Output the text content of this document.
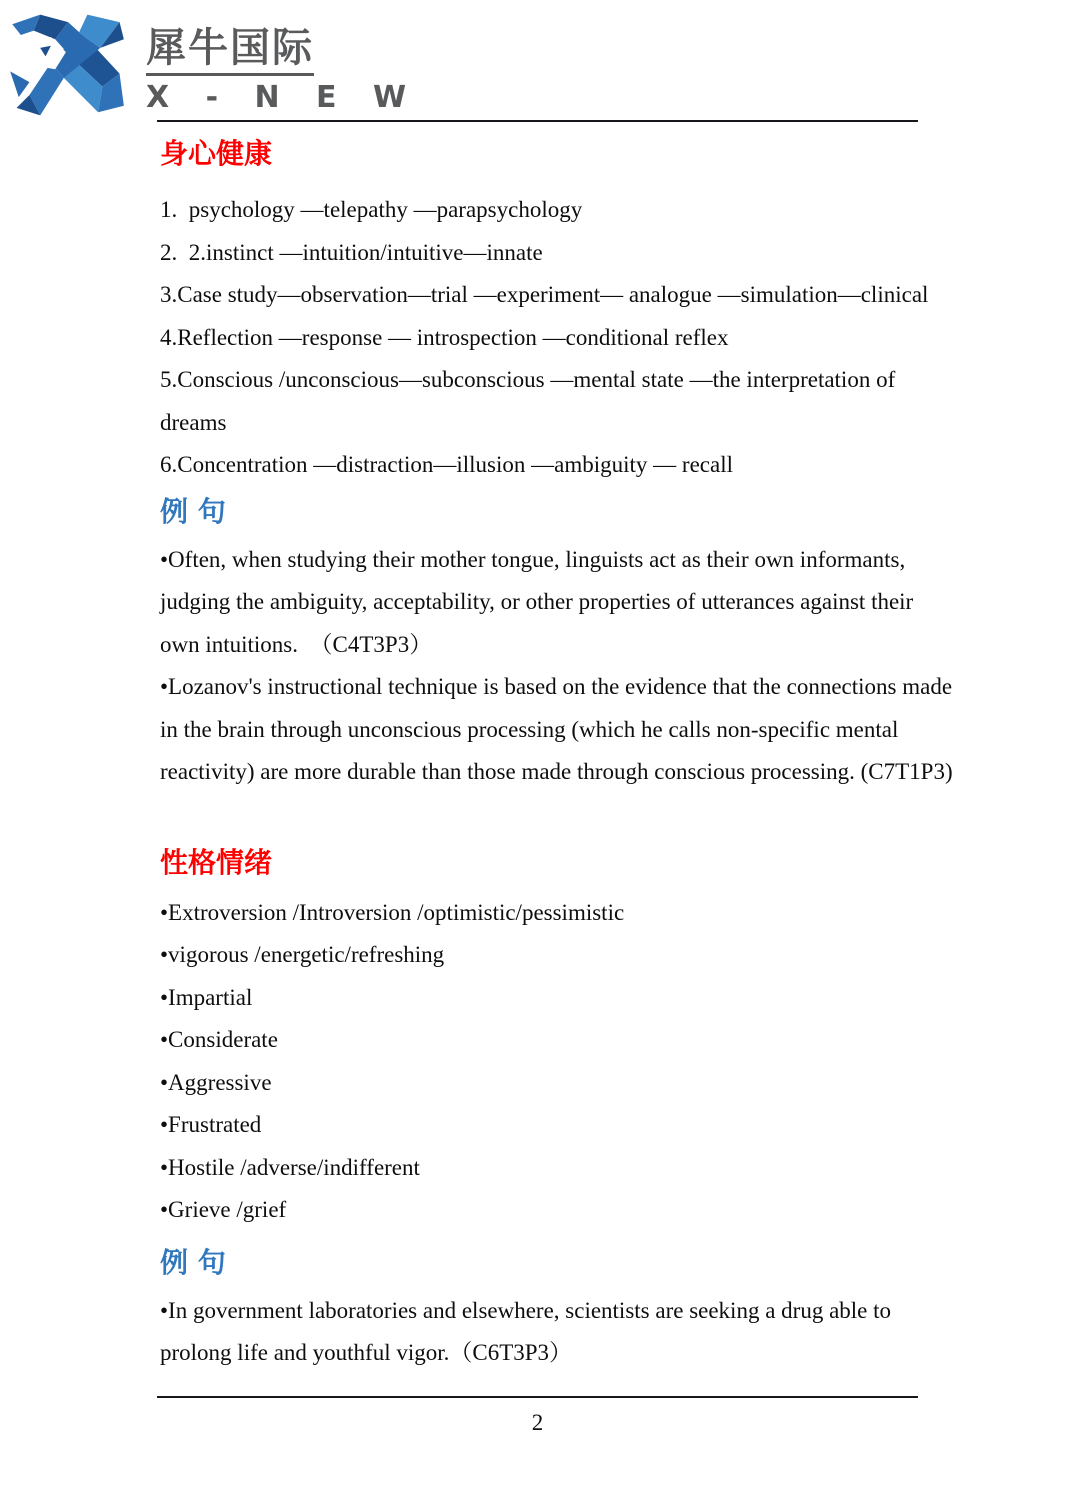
犀牛国际
X - N E W
身心健康

1.  psychology —telepathy —parapsychology

2.  2.instinct —intuition/intuitive—innate

3.Case study—observation—trial —experiment— analogue —simulation—clinical

4.Reflection —response — introspection —conditional reflex

5.Conscious /unconscious—subconscious —mental state —the interpretation of

dreams

6.Concentration —distraction—illusion —ambiguity — recall

例 句

•Often, when studying their mother tongue, linguists act as their own informants,

judging the ambiguity, acceptability, or other properties of utterances against their

own intuitions.  （C4T3P3）

•Lozanov's instructional technique is based on the evidence that the connections made

in the brain through unconscious processing (which he calls non-specific mental

reactivity) are more durable than those made through conscious processing. (C7T1P3)

性格情绪

•Extroversion /Introversion /optimistic/pessimistic

•vigorous /energetic/refreshing

•Impartial

•Considerate

•Aggressive

•Frustrated

•Hostile /adverse/indifferent

•Grieve /grief

例 句

•In government laboratories and elsewhere, scientists are seeking a drug able to

prolong life and youthful vigor.（C6T3P3）

2
